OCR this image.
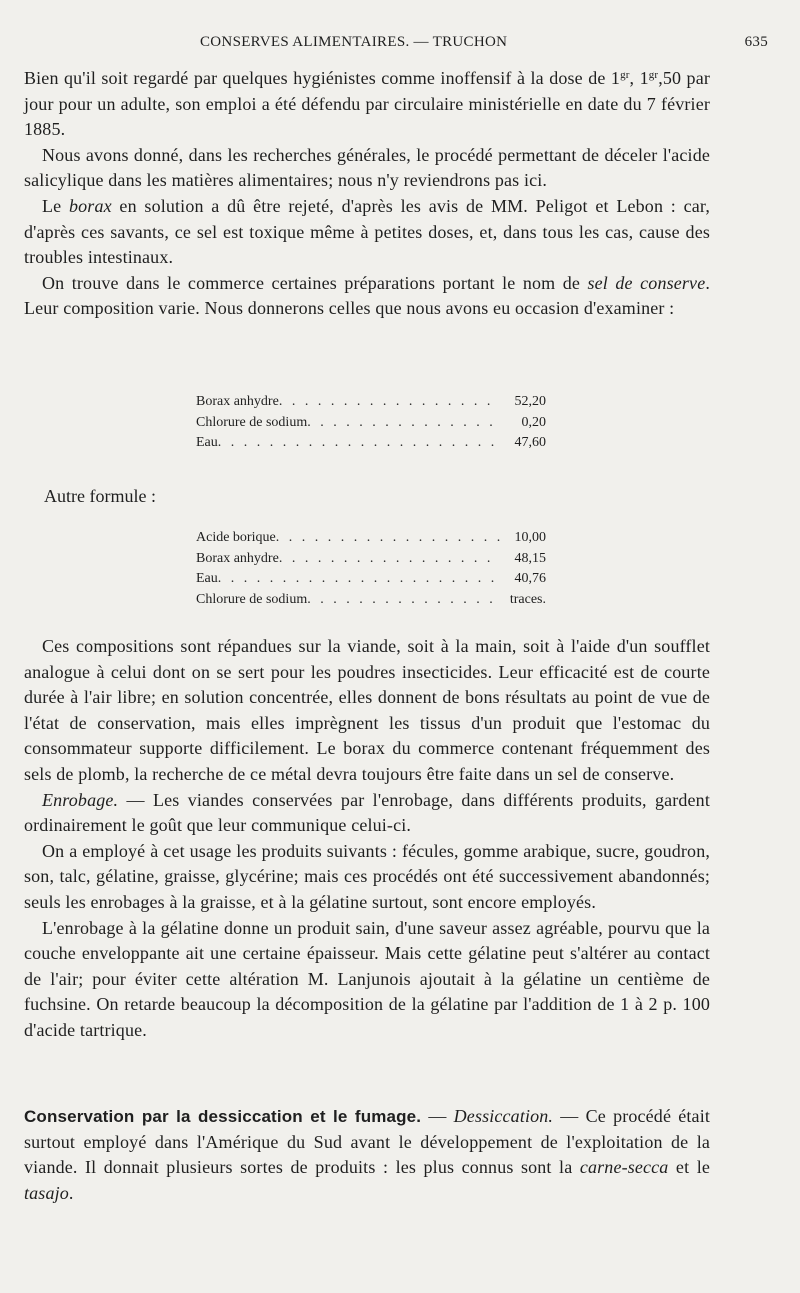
CONSERVES ALIMENTAIRES. — TRUCHON	635

Bien qu'il soit regardé par quelques hygiénistes comme inoffensif à la dose de $1^{gr}$, $1^{gr},50$ par jour pour un adulte, son emploi a été défendu par circulaire ministérielle en date du 7 février 1885.

Nous avons donné, dans les recherches générales, le procédé permettant de déceler l'acide salicylique dans les matières alimentaires; nous n'y reviendrons pas ici.

Le borax en solution a dû être rejeté, d'après les avis de MM. Peligot et Lebon : car, d'après ces savants, ce sel est toxique même à petites doses, et, dans tous les cas, cause des troubles intestinaux.

On trouve dans le commerce certaines préparations portant le nom de sel de conserve. Leur composition varie. Nous donnerons celles que nous avons eu occasion d'examiner :

Borax anhydre . . .	52,20
Chlorure de sodium . . .	0,20
Eau . . .	47,60
Autre formule :
Acide borique . . .	10,00
Borax anhydre . . .	48,15
Eau . . .	40,76
Chlorure de sodium . . .	traces.

Ces compositions sont répandues sur la viande, soit à la main, soit à l'aide d'un soufflet analogue à celui dont on se sert pour les poudres insecticides. Leur efficacité est de courte durée à l'air libre; en solution concentrée, elles donnent de bons résultats au point de vue de l'état de conservation, mais elles imprègnent les tissus d'un produit que l'estomac du consommateur supporte difficilement. Le borax du commerce contenant fréquemment des sels de plomb, la recherche de ce métal devra toujours être faite dans un sel de conserve.

Enrobage. — Les viandes conservées par l'enrobage, dans différents produits, gardent ordinairement le goût que leur communique celui-ci.

On a employé à cet usage les produits suivants : fécules, gomme arabique, sucre, goudron, son, talc, gélatine, graisse, glycérine; mais ces procédés ont été successivement abandonnés; seuls les enrobages à la graisse, et à la gélatine surtout, sont encore employés.

L'enrobage à la gélatine donne un produit sain, d'une saveur assez agréable, pourvu que la couche enveloppante ait une certaine épaisseur. Mais cette gélatine peut s'altérer au contact de l'air; pour éviter cette altération M. Lanjunois ajoutait à la gélatine un centième de fuchsine. On retarde beaucoup la décomposition de la gélatine par l'addition de 1 à 2 p. 100 d'acide tartrique.

Conservation par la dessiccation et le fumage. — Dessiccation. — Ce procédé était surtout employé dans l'Amérique du Sud avant le développement de l'exploitation de la viande. Il donnait plusieurs sortes de produits : les plus connus sont la carne-secca et le tasajo.
